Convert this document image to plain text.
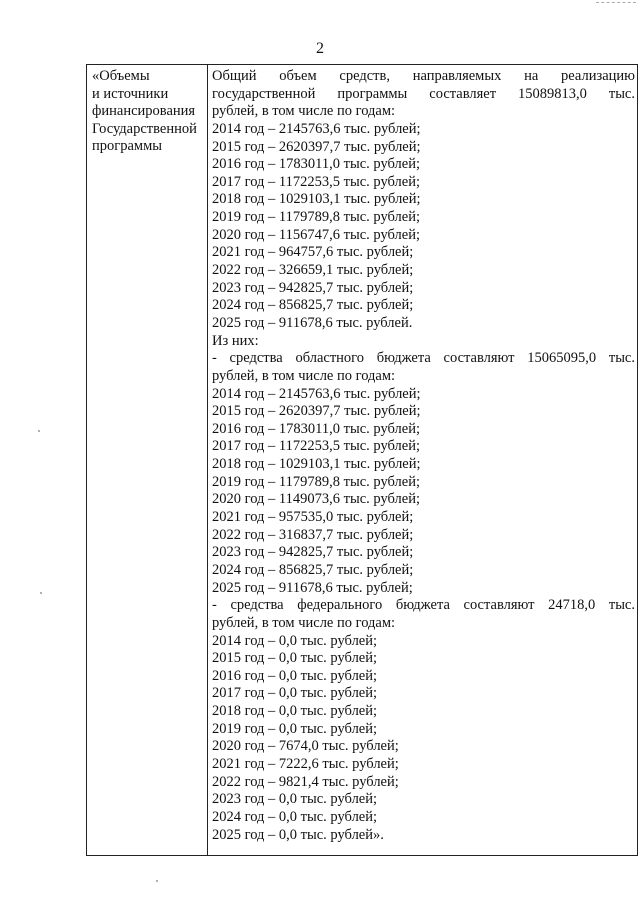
2
«Объемы
и источники
финансирования
Государственной
программы
Общий объем средств, направляемых на реализацию
государственной программы составляет 15089813,0 тыс.
рублей, в том числе по годам:
2014 год – 2145763,6 тыс. рублей;
2015 год – 2620397,7 тыс. рублей;
2016 год – 1783011,0 тыс. рублей;
2017 год – 1172253,5 тыс. рублей;
2018 год – 1029103,1 тыс. рублей;
2019 год – 1179789,8 тыс. рублей;
2020 год – 1156747,6 тыс. рублей;
2021 год – 964757,6 тыс. рублей;
2022 год – 326659,1 тыс. рублей;
2023 год – 942825,7 тыс. рублей;
2024 год – 856825,7 тыс. рублей;
2025 год – 911678,6 тыс. рублей.
Из них:
- средства областного бюджета составляют 15065095,0 тыс.
рублей, в том числе по годам:
2014 год – 2145763,6 тыс. рублей;
2015 год – 2620397,7 тыс. рублей;
2016 год – 1783011,0 тыс. рублей;
2017 год – 1172253,5 тыс. рублей;
2018 год – 1029103,1 тыс. рублей;
2019 год – 1179789,8 тыс. рублей;
2020 год – 1149073,6 тыс. рублей;
2021 год – 957535,0 тыс. рублей;
2022 год – 316837,7 тыс. рублей;
2023 год – 942825,7 тыс. рублей;
2024 год – 856825,7 тыс. рублей;
2025 год – 911678,6 тыс. рублей;
- средства федерального бюджета составляют 24718,0 тыс.
рублей, в том числе по годам:
2014 год – 0,0 тыс. рублей;
2015 год – 0,0 тыс. рублей;
2016 год – 0,0 тыс. рублей;
2017 год – 0,0 тыс. рублей;
2018 год – 0,0 тыс. рублей;
2019 год – 0,0 тыс. рублей;
2020 год – 7674,0 тыс. рублей;
2021 год – 7222,6 тыс. рублей;
2022 год – 9821,4 тыс. рублей;
2023 год – 0,0 тыс. рублей;
2024 год – 0,0 тыс. рублей;
2025 год – 0,0 тыс. рублей».
